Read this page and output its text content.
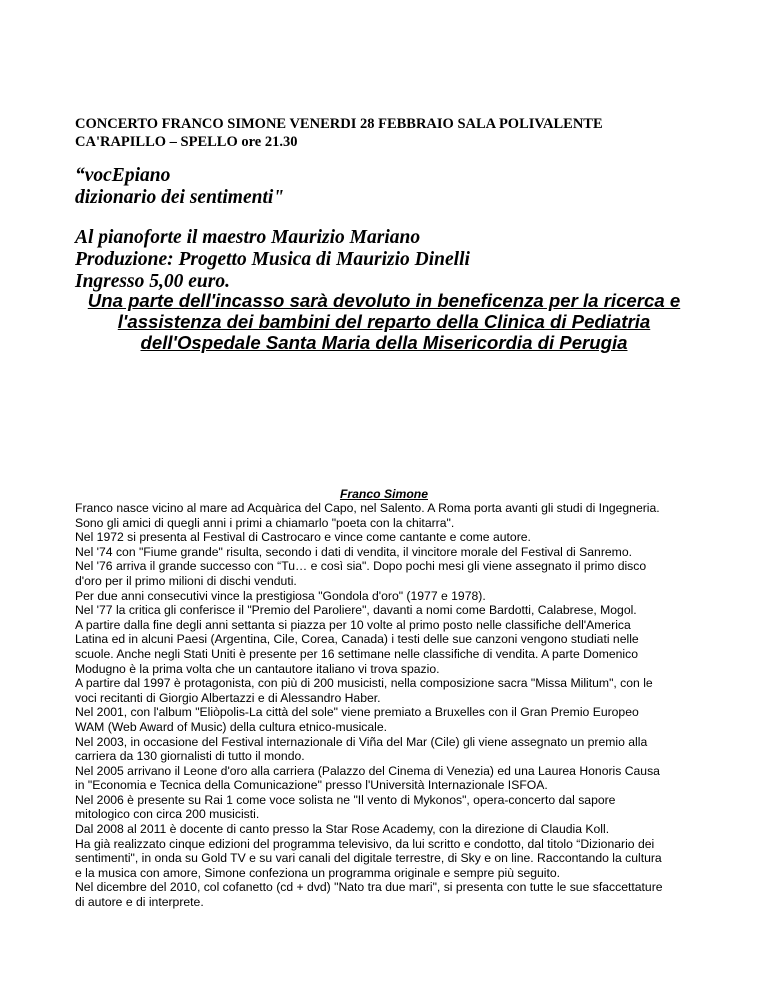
CONCERTO FRANCO SIMONE VENERDI 28 FEBBRAIO SALA POLIVALENTE
CA'RAPILLO – SPELLO ore 21.30
“vocEpiano
dizionario dei sentimenti"
Al pianoforte il maestro Maurizio Mariano
Produzione: Progetto Musica di Maurizio Dinelli
Ingresso 5,00 euro.
Una parte dell'incasso sarà devoluto in beneficenza per la ricerca e
l'assistenza dei bambini del reparto della Clinica di Pediatria
dell'Ospedale Santa Maria della Misericordia di Perugia
Franco Simone

Franco nasce vicino al mare ad Acquàrica del Capo, nel Salento. A Roma porta avanti gli studi di Ingegneria.
Sono gli amici di quegli anni i primi a chiamarlo "poeta con la chitarra".

Nel 1972 si presenta al Festival di Castrocaro e vince come cantante e come autore.

Nel '74 con "Fiume grande" risulta, secondo i dati di vendita, il vincitore morale del Festival di Sanremo.

Nel '76 arriva il grande successo con “Tu… e così sia". Dopo pochi mesi gli viene assegnato il primo disco
d'oro per il primo milioni di dischi venduti.

Per due anni consecutivi vince la prestigiosa "Gondola d'oro" (1977 e 1978).

Nel '77 la critica gli conferisce il "Premio del Paroliere", davanti a nomi come Bardotti, Calabrese, Mogol.

A partire dalla fine degli anni settanta si piazza per 10 volte al primo posto nelle classifiche dell'America
Latina ed in alcuni Paesi (Argentina, Cile, Corea, Canada) i testi delle sue canzoni vengono studiati nelle
scuole. Anche negli Stati Uniti è presente per 16 settimane nelle classifiche di vendita. A parte Domenico
Modugno è la prima volta che un cantautore italiano vi trova spazio.

A partire dal 1997 è protagonista, con più di 200 musicisti, nella composizione sacra "Missa Militum", con le
voci recitanti di Giorgio Albertazzi e di Alessandro Haber.

Nel 2001, con l'album "Eliòpolis-La città del sole" viene premiato a Bruxelles con il Gran Premio Europeo
WAM (Web Award of Music) della cultura etnico-musicale.

Nel 2003, in occasione del Festival internazionale di Viña del Mar (Cile) gli viene assegnato un premio alla
carriera da 130 giornalisti di tutto il mondo.

Nel 2005 arrivano il Leone d'oro alla carriera (Palazzo del Cinema di Venezia) ed una Laurea Honoris Causa
in "Economia e Tecnica della Comunicazione" presso l'Università Internazionale ISFOA.

Nel 2006 è presente su Rai 1 come voce solista ne "Il vento di Mykonos", opera-concerto dal sapore
mitologico con circa 200 musicisti.

Dal 2008 al 2011 è docente di canto presso la Star Rose Academy, con la direzione di Claudia Koll.

Ha già realizzato cinque edizioni del programma televisivo, da lui scritto e condotto, dal titolo “Dizionario dei
sentimenti", in onda su Gold TV e su vari canali del digitale terrestre, di Sky e on line. Raccontando la cultura
e la musica con amore, Simone confeziona un programma originale e sempre più seguito.

Nel dicembre del 2010, col cofanetto (cd + dvd) "Nato tra due mari", si presenta con tutte le sue sfaccettature
di autore e di interprete.
